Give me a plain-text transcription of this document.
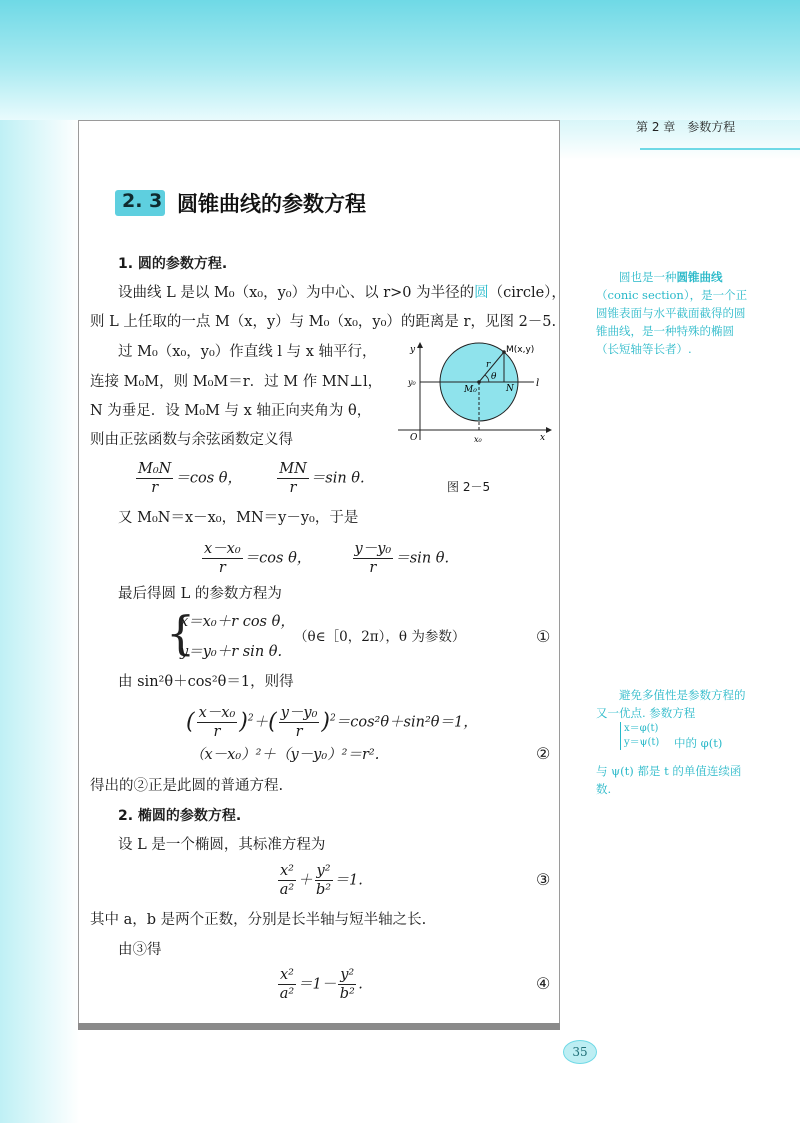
第 2 章　参数方程
2. 3 圆锥曲线的参数方程
1. 圆的参数方程.
设曲线 L 是以 M₀（x₀，y₀）为中心、以 r>0 为半径的圆（circle），
则 L 上任取的一点 M（x，y）与 M₀（x₀，y₀）的距离是 r，见图 2－5.
过 M₀（x₀，y₀）作直线 l 与 x 轴平行，
连接 M₀M，则 M₀M＝r．过 M 作 MN⊥l，
N 为垂足．设 M₀M 与 x 轴正向夹角为 θ，
则由正弦函数与余弦函数定义得
$\frac{\text{M₀N}}{r} =\cos$ θ， $\frac{MN}{r} =\sin$ θ.
M(x,y)
M₀	N
r
θ
l
O	x
y
y₀
x₀
图 2－5
又 M₀N＝x－x₀，MN＝y－y₀，于是
$\frac{\text{x－x₀}}{r} =\cos$ θ，	$\frac{\text{y－y₀}}{r} =\sin$ θ.
最后得圆 L 的参数方程为
{
x＝x₀＋r cos θ，
y＝y₀＋r sin θ.
（θ∈［0，2π），θ 为参数）	①
由 sin²θ＋cos²θ＝1，则得
( $\frac{\text{x－x₀}}{r} )^2+( \frac{\text{y－y₀}}{r} )^2=\cos^2\theta+\sin^2\theta=1$，
（x－x₀）²＋（y－y₀）²＝r².	②
得出的②正是此圆的普通方程.
2. 椭圆的参数方程.
设 L 是一个椭圆，其标准方程为
$\frac{\text{x²}}{\text{a²}} + \frac{\text{y²}}{\text{b²}} =1$.	③
其中 a，b 是两个正数，分别是长半轴与短半轴之长.
由③得
$\frac{\text{x²}}{\text{a²}} =1- \frac{\text{y²}}{\text{b²}}$ .	④
圆也是一种圆锥曲线（conic section），是一个正圆锥表面与水平截面截得的圆锥曲线，是一种特殊的椭圆（长短轴等长者）.
避免多值性是参数方程的又一优点. 参数方程
x＝φ(t)
y＝ψ(t) 中的 φ(t)
与 ψ(t) 都是 t 的单值连续函数.
35
